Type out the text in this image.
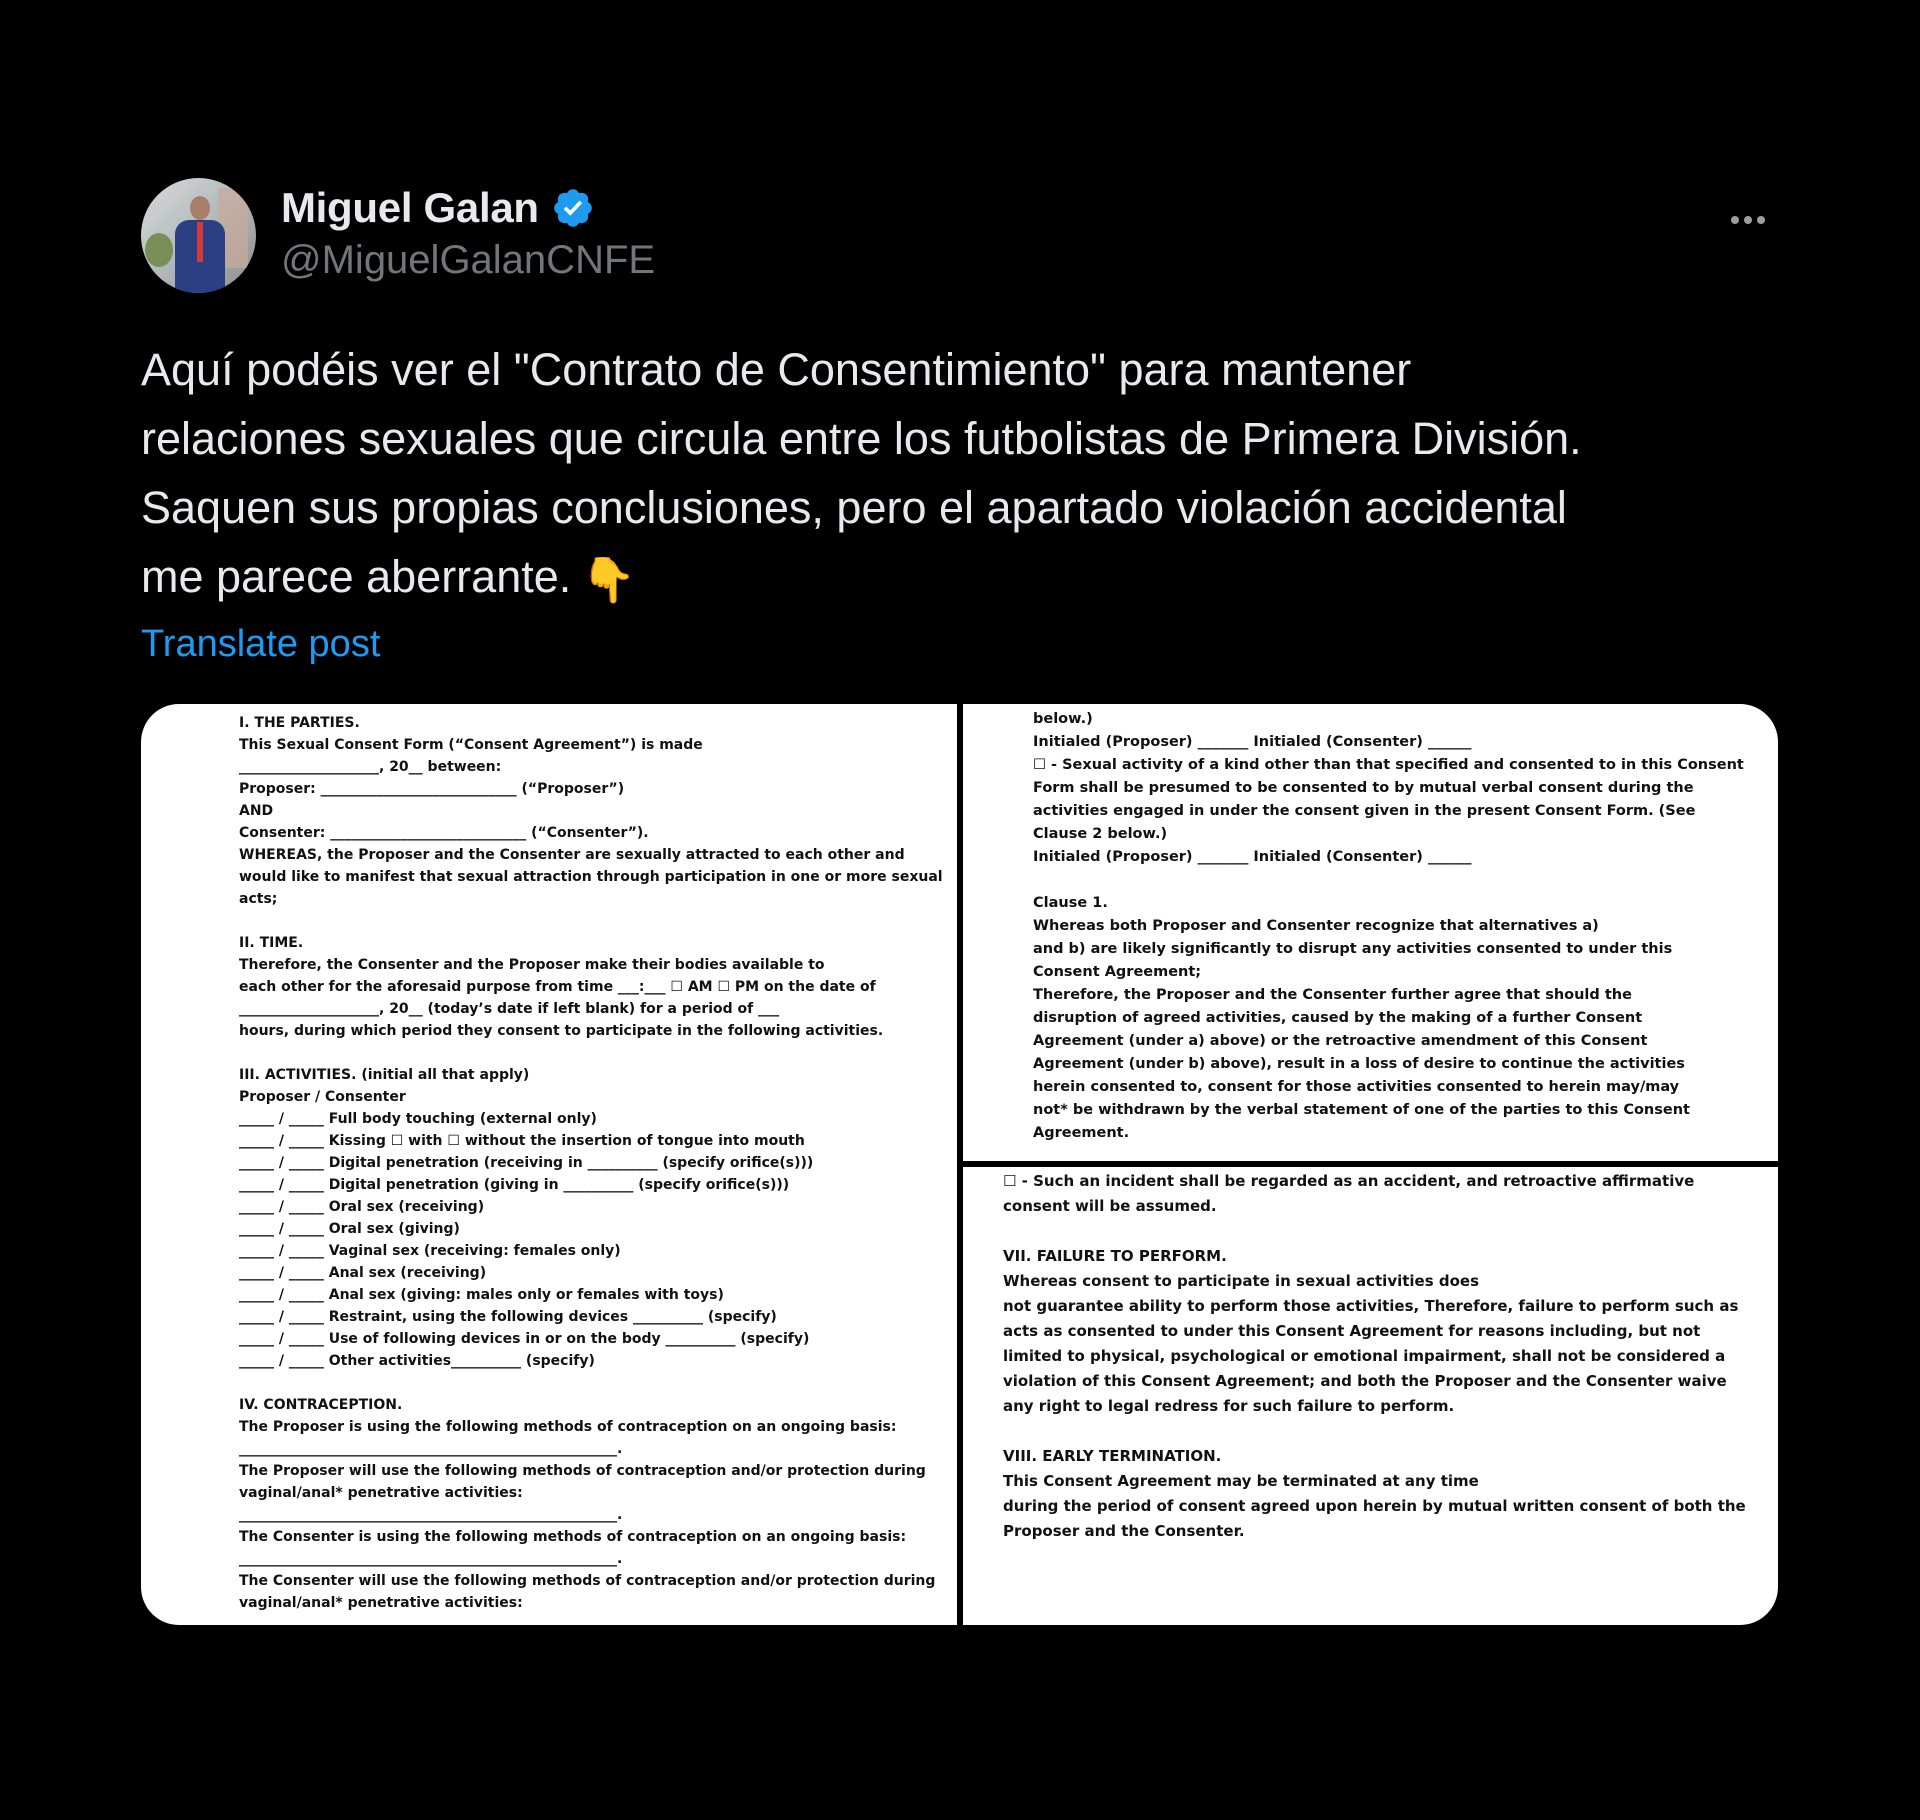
Miguel Galan
@MiguelGalanCNFE
Aquí podéis ver el "Contrato de Consentimiento" para mantener
relaciones sexuales que circula entre los futbolistas de Primera División.
Saquen sus propias conclusiones, pero el apartado violación accidental
me parece aberrante. 👇
Translate post
I. THE PARTIES.
This Sexual Consent Form (“Consent Agreement”) is made
____________________, 20__ between:
Proposer: ____________________________ (“Proposer”)
AND
Consenter: ____________________________ (“Consenter”).
WHEREAS, the Proposer and the Consenter are sexually attracted to each other and
would like to manifest that sexual attraction through participation in one or more sexual
acts;
II. TIME.
Therefore, the Consenter and the Proposer make their bodies available to
each other for the aforesaid purpose from time ___:___ ☐ AM ☐ PM on the date of
____________________, 20__ (today’s date if left blank) for a period of ___
hours, during which period they consent to participate in the following activities.
III. ACTIVITIES. (initial all that apply)
Proposer / Consenter
_____ / _____ Full body touching (external only)
_____ / _____ Kissing ☐ with ☐ without the insertion of tongue into mouth
_____ / _____ Digital penetration (receiving in __________ (specify orifice(s)))
_____ / _____ Digital penetration (giving in __________ (specify orifice(s)))
_____ / _____ Oral sex (receiving)
_____ / _____ Oral sex (giving)
_____ / _____ Vaginal sex (receiving: females only)
_____ / _____ Anal sex (receiving)
_____ / _____ Anal sex (giving: males only or females with toys)
_____ / _____ Restraint, using the following devices __________ (specify)
_____ / _____ Use of following devices in or on the body __________ (specify)
_____ / _____ Other activities__________ (specify)
IV. CONTRACEPTION.
The Proposer is using the following methods of contraception on an ongoing basis:
______________________________________________________.
The Proposer will use the following methods of contraception and/or protection during
vaginal/anal* penetrative activities:
______________________________________________________.
The Consenter is using the following methods of contraception on an ongoing basis:
______________________________________________________.
The Consenter will use the following methods of contraception and/or protection during
vaginal/anal* penetrative activities:
below.)
Initialed (Proposer) _______ Initialed (Consenter) ______
☐ - Sexual activity of a kind other than that specified and consented to in this Consent
Form shall be presumed to be consented to by mutual verbal consent during the
activities engaged in under the consent given in the present Consent Form. (See
Clause 2 below.)
Initialed (Proposer) _______ Initialed (Consenter) ______
Clause 1.
Whereas both Proposer and Consenter recognize that alternatives a)
and b) are likely significantly to disrupt any activities consented to under this
Consent Agreement;
Therefore, the Proposer and the Consenter further agree that should the
disruption of agreed activities, caused by the making of a further Consent
Agreement (under a) above) or the retroactive amendment of this Consent
Agreement (under b) above), result in a loss of desire to continue the activities
herein consented to, consent for those activities consented to herein may/may
not* be withdrawn by the verbal statement of one of the parties to this Consent
Agreement.
☐ - Such an incident shall be regarded as an accident, and retroactive affirmative
consent will be assumed.
VII. FAILURE TO PERFORM.
Whereas consent to participate in sexual activities does
not guarantee ability to perform those activities, Therefore, failure to perform such as
acts as consented to under this Consent Agreement for reasons including, but not
limited to physical, psychological or emotional impairment, shall not be considered a
violation of this Consent Agreement; and both the Proposer and the Consenter waive
any right to legal redress for such failure to perform.
VIII. EARLY TERMINATION.
This Consent Agreement may be terminated at any time
during the period of consent agreed upon herein by mutual written consent of both the
Proposer and the Consenter.
